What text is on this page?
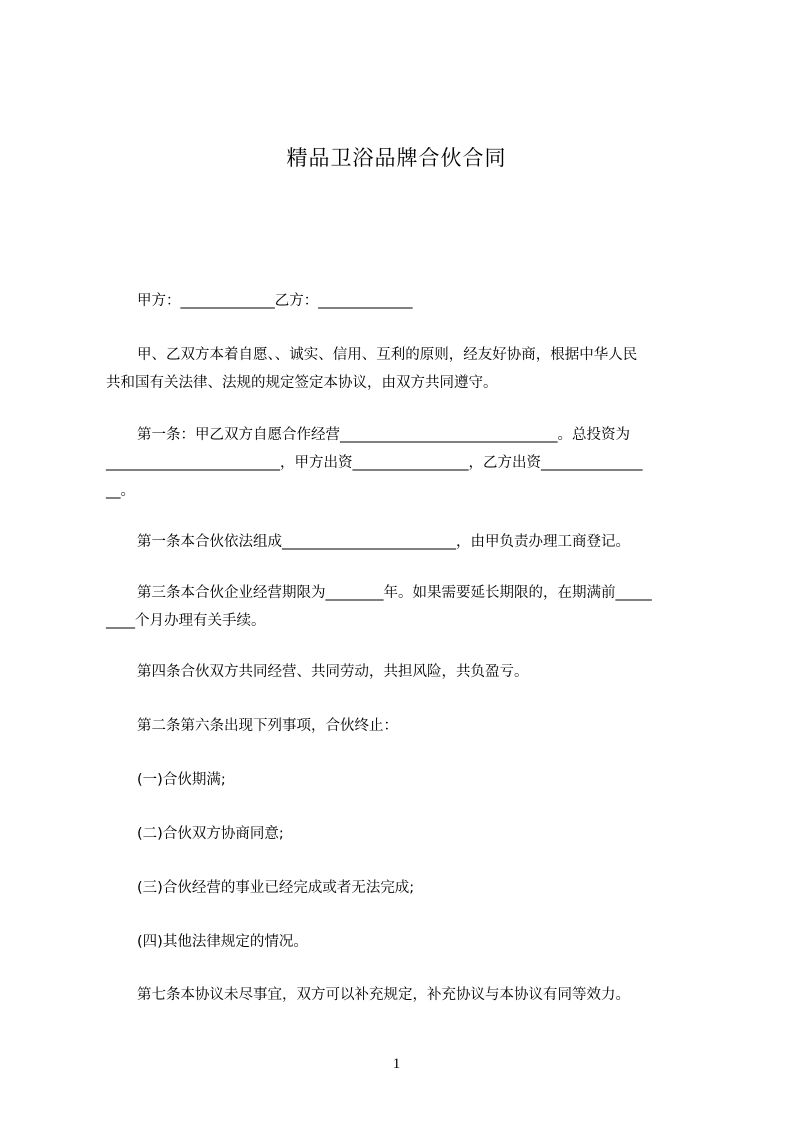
精品卫浴品牌合伙合同
甲方：_____________乙方：_____________
甲、乙双方本着自愿、、诚实、信用、互利的原则，经友好协商，根据中华人民
共和国有关法律、法规的规定签定本协议，由双方共同遵守。
第一条：甲乙双方自愿合作经营______________________________。总投资为
________________________，甲方出资________________，乙方出资______________
__。
第一条本合伙依法组成________________________，由甲负责办理工商登记。
第三条本合伙企业经营期限为________年。如果需要延长期限的，在期满前_____
____个月办理有关手续。
第四条合伙双方共同经营、共同劳动，共担风险，共负盈亏。
第二条第六条出现下列事项，合伙终止：
(一)合伙期满;
(二)合伙双方协商同意;
(三)合伙经营的事业已经完成或者无法完成;
(四)其他法律规定的情况。
第七条本协议未尽事宜，双方可以补充规定，补充协议与本协议有同等效力。
1
